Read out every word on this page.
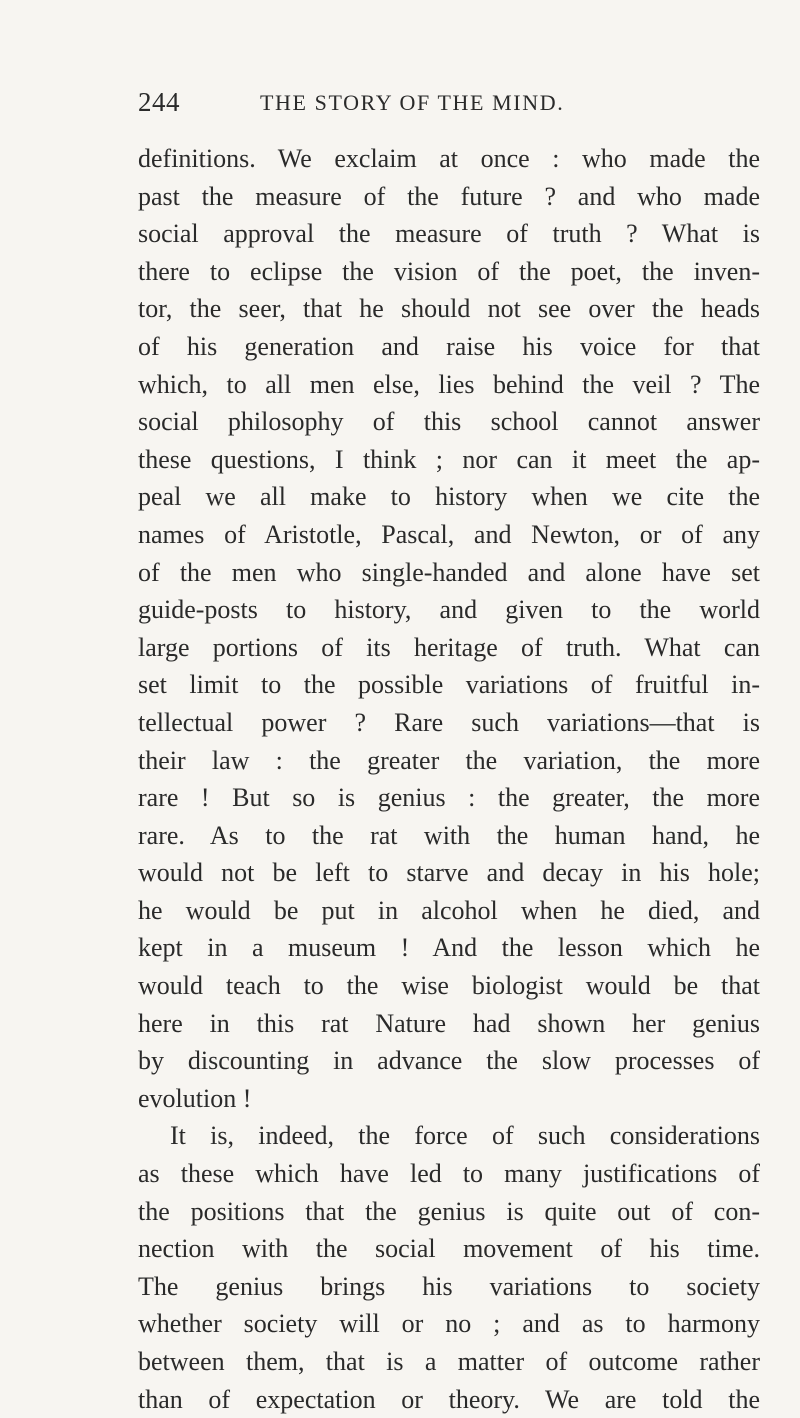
244	THE STORY OF THE MIND.
definitions. We exclaim at once : who made the
past the measure of the future ? and who made
social approval the measure of truth ? What is
there to eclipse the vision of the poet, the inven-
tor, the seer, that he should not see over the heads
of his generation and raise his voice for that
which, to all men else, lies behind the veil ? The
social philosophy of this school cannot answer
these questions, I think ; nor can it meet the ap-
peal we all make to history when we cite the
names of Aristotle, Pascal, and Newton, or of any
of the men who single-handed and alone have set
guide-posts to history, and given to the world
large portions of its heritage of truth. What can
set limit to the possible variations of fruitful in-
tellectual power ? Rare such variations—that is
their law : the greater the variation, the more
rare ! But so is genius : the greater, the more
rare. As to the rat with the human hand, he
would not be left to starve and decay in his hole;
he would be put in alcohol when he died, and
kept in a museum ! And the lesson which he
would teach to the wise biologist would be that
here in this rat Nature had shown her genius
by discounting in advance the slow processes of
evolution !
It is, indeed, the force of such considerations
as these which have led to many justifications of
the positions that the genius is quite out of con-
nection with the social movement of his time.
The genius brings his variations to society
whether society will or no ; and as to harmony
between them, that is a matter of outcome rather
than of expectation or theory. We are told the
